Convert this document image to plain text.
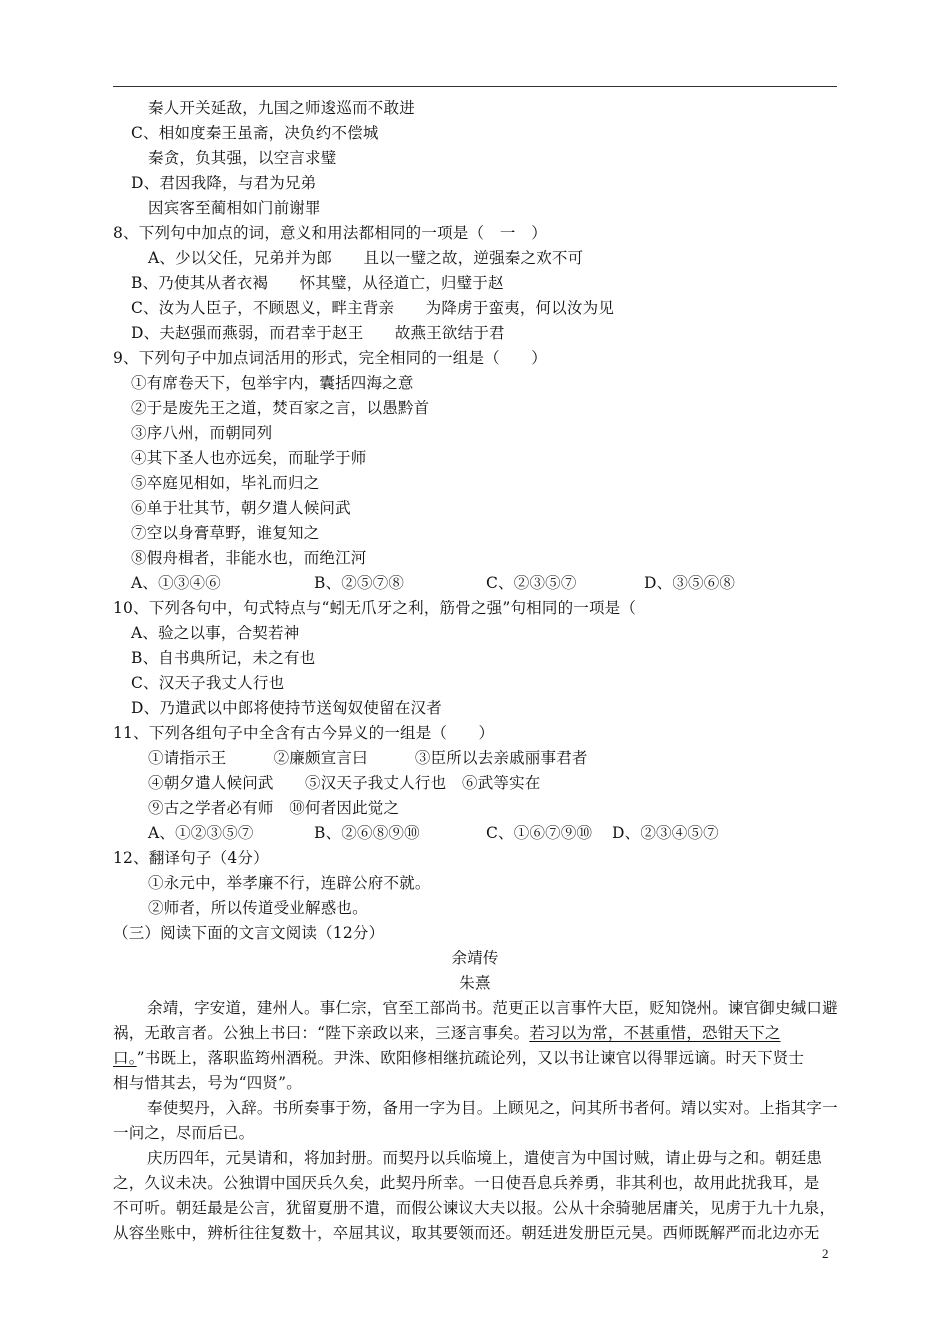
秦人开关延敌，九国之师逡巡而不敢进
C、相如度秦王虽斋，决负约不偿城
秦贪，负其强，以空言求璧
D、君因我降，与君为兄弟
因宾客至蔺相如门前谢罪
8、下列句中加点的词，意义和用法都相同的一项是（　一　）
A、少以父任，兄弟并为郎　　且以一璧之故，逆强秦之欢不可
B、乃使其从者衣褐　　怀其璧，从径道亡，归璧于赵
C、汝为人臣子，不顾恩义，畔主背亲　　为降虏于蛮夷，何以汝为见
D、夫赵强而燕弱，而君幸于赵王　　故燕王欲结于君
9、下列句子中加点词活用的形式，完全相同的一组是（　　）
①有席卷天下，包举宇内，囊括四海之意
②于是废先王之道，焚百家之言，以愚黔首
③序八州，而朝同列
④其下圣人也亦远矣，而耻学于师
⑤卒庭见相如，毕礼而归之
⑥单于壮其节，朝夕遣人候问武
⑦空以身膏草野，谁复知之
⑧假舟楫者，非能水也，而绝江河
A、①③④⑥	B、②⑤⑦⑧	C、②③⑤⑦	D、③⑤⑥⑧
10、下列各句中，句式特点与“蚓无爪牙之利，筋骨之强”句相同的一项是（
A、验之以事，合契若神
B、自书典所记，未之有也
C、汉天子我丈人行也
D、乃遣武以中郎将使持节送匈奴使留在汉者
11、下列各组句子中全含有古今异义的一组是（　　）
①请指示王　　　②廉颇宣言曰　　　③臣所以去亲戚丽事君者
④朝夕遣人候问武　　⑤汉天子我丈人行也　⑥武等实在
⑨古之学者必有师　⑩何者因此觉之
A、①②③⑤⑦	B、②⑥⑧⑨⑩	C、①⑥⑦⑨⑩ D、②③④⑤⑦
12、翻译句子（4分）
①永元中，举孝廉不行，连辟公府不就。
②师者，所以传道受业解惑也。
（三）阅读下面的文言文阅读（12分）
余靖传
朱熹
余靖，字安道，建州人。事仁宗，官至工部尚书。范更正以言事忤大臣，贬知饶州。谏官御史缄口避
祸，无敢言者。公独上书曰：“陛下亲政以来，三逐言事矣。若习以为常，不甚重惜，恐钳天下之
口。”书既上，落职监筠州酒税。尹洙、欧阳修相继抗疏论列，又以书让谏官以得罪远谪。时天下贤士
相与惜其去，号为“四贤”。
奉使契丹，入辞。书所奏事于笏，备用一字为目。上顾见之，问其所书者何。靖以实对。上指其字一
一问之，尽而后已。
庆历四年，元昊请和，将加封册。而契丹以兵临境上，遣使言为中国讨贼，请止毋与之和。朝廷患
之，久议未决。公独谓中国厌兵久矣，此契丹所幸。一日使吾息兵养勇，非其利也，故用此扰我耳，是
不可听。朝廷最是公言，犹留夏册不遣，而假公谏议大夫以报。公从十余骑驰居庸关，见虏于九十九泉，
从容坐账中，辨析往往复数十，卒屈其议，取其要领而还。朝廷进发册臣元昊。西师既解严而北边亦无
2
